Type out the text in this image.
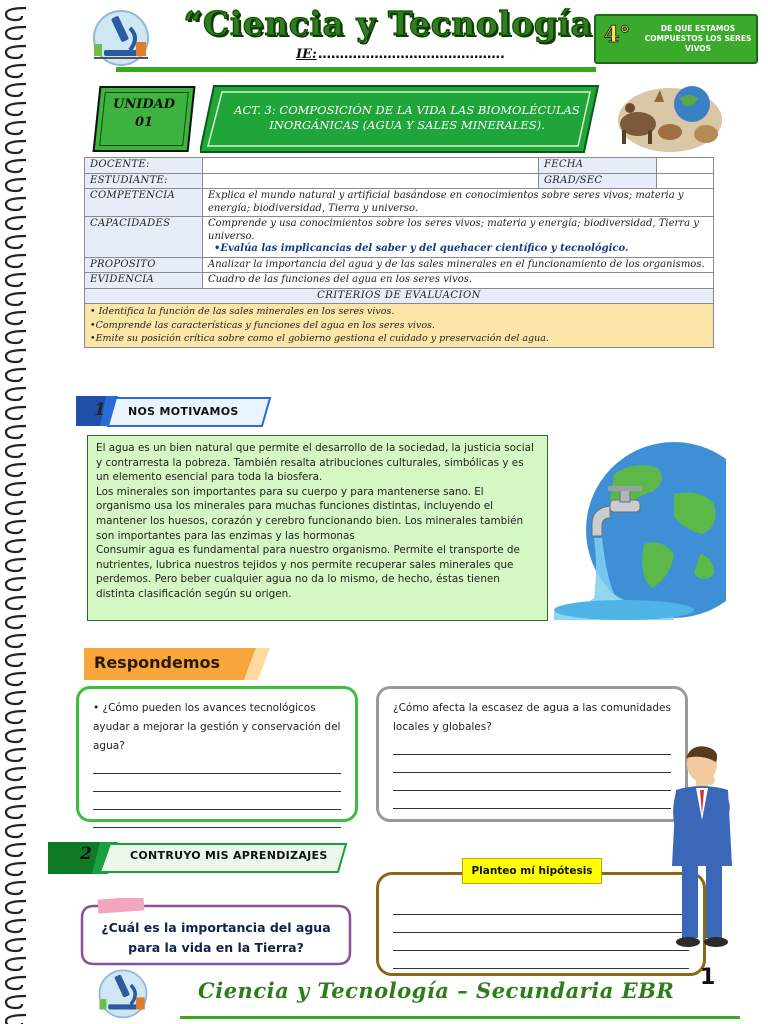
“Ciencia y Tecnología
IE: …………………………………….
4°	DE QUE ESTAMOS COMPUESTOS LOS SERES VIVOS
UNIDAD 01
ACT. 3: COMPOSICIÓN DE LA VIDA LAS BIOMOLÉCULAS INORGÁNICAS (AGUA Y SALES MINERALES).
DOCENTE:		FECHA	
ESTUDIANTE:		GRAD/SEC	
COMPETENCIA	Explica el mundo natural y artificial basándose en conocimientos sobre seres vivos; materia y energía; biodiversidad, Tierra y universo.		
CAPACIDADES	Comprende y usa conocimientos sobre los seres vivos; materia y energía; biodiversidad, Tierra y universo.
•Evalúa las implicancias del saber y del quehacer científico y tecnológico.		

PROPOSITO	Analizar la importancia del agua y de las sales minerales en el funcionamiento de los organismos.		
EVIDENCIA	Cuadro de las funciones del agua en los seres vivos.		
CRITERIOS DE EVALUACION			

• Identifica la función de las sales minerales en los seres vivos.
•Comprende las características y funciones del agua en los seres vivos.
•Emite su posición crítica sobre como el gobierno gestiona el cuidado y preservación del agua.			
1 NOS MOTIVAMOS

El agua es un bien natural que permite el desarrollo de la sociedad, la justicia social y contrarresta la pobreza. También resalta atribuciones culturales, simbólicas y es un elemento esencial para toda la biosfera.

Los minerales son importantes para su cuerpo y para mantenerse sano. El organismo usa los minerales para muchas funciones distintas, incluyendo el mantener los huesos, corazón y cerebro funcionando bien. Los minerales también son importantes para las enzimas y las hormonas

Consumir agua es fundamental para nuestro organismo. Permite el transporte de nutrientes, lubrica nuestros tejidos y nos permite recuperar sales minerales que perdemos. Pero beber cualquier agua no da lo mismo, de hecho, éstas tienen distinta clasificación según su origen.

Respondemos
• ¿Cómo pueden los avances tecnológicos ayudar a mejorar la gestión y conservación del agua?
¿Cómo afecta la escasez de agua a las comunidades locales y globales?
2	CONTRUYO MIS APRENDIZAJES
¿Cuál es la importancia del agua para la vida en la Tierra?
Planteo mí hipótesis
Ciencia y Tecnología – Secundaria EBR
1
